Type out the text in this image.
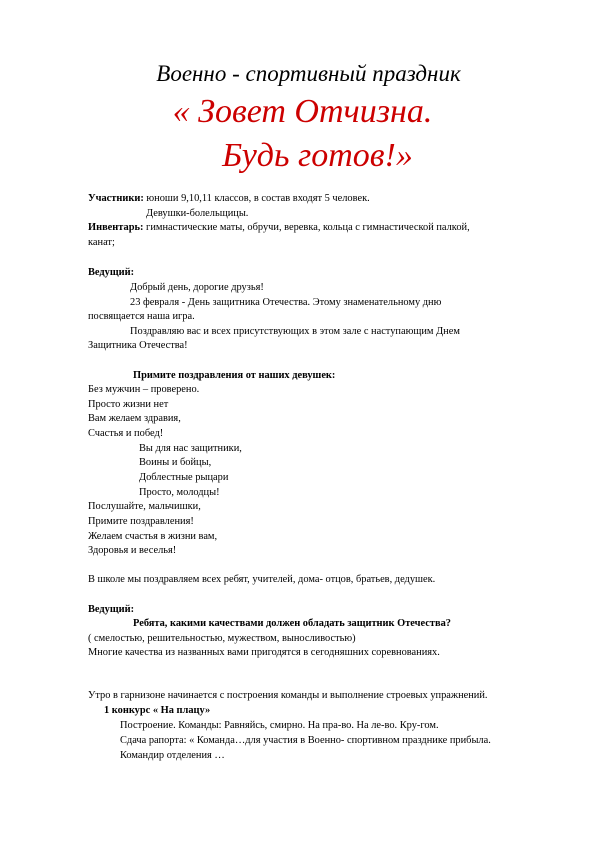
Военно - спортивный праздник
« Зовет Отчизна.
Будь готов!»
Участники: юноши 9,10,11 классов, в состав входят 5 человек.
Девушки-болельщицы.
Инвентарь: гимнастические маты, обручи, веревка, кольца с гимнастической палкой,
канат;
Ведущий:
Добрый день, дорогие друзья!
23 февраля - День защитника Отечества. Этому знаменательному дню
посвящается наша игра.
Поздравляю вас и всех присутствующих в этом зале с наступающим Днем
Защитника Отечества!
Примите поздравления от наших девушек:
Без мужчин – проверено.
Просто жизни нет
Вам желаем здравия,
Счастья и побед!
Вы для нас защитники,
Воины и бойцы,
Доблестные рыцари
Просто, молодцы!
Послушайте, мальчишки,
Примите поздравления!
Желаем счастья в жизни вам,
Здоровья и веселья!
В школе мы поздравляем всех ребят, учителей, дома- отцов, братьев, дедушек.
Ведущий:
Ребята, какими качествами должен обладать защитник Отечества?
( смелостью, решительностью, мужеством, выносливостью)
Многие качества из названных вами пригодятся в сегодняшних соревнованиях.
Утро в гарнизоне начинается с построения команды и выполнение строевых упражнений.
1 конкурс « На плацу»
Построение. Команды: Равняйсь, смирно. На пра-во. На ле-во. Кру-гом.
Сдача рапорта: « Команда…для участия в Военно- спортивном празднике прибыла.
Командир отделения …
